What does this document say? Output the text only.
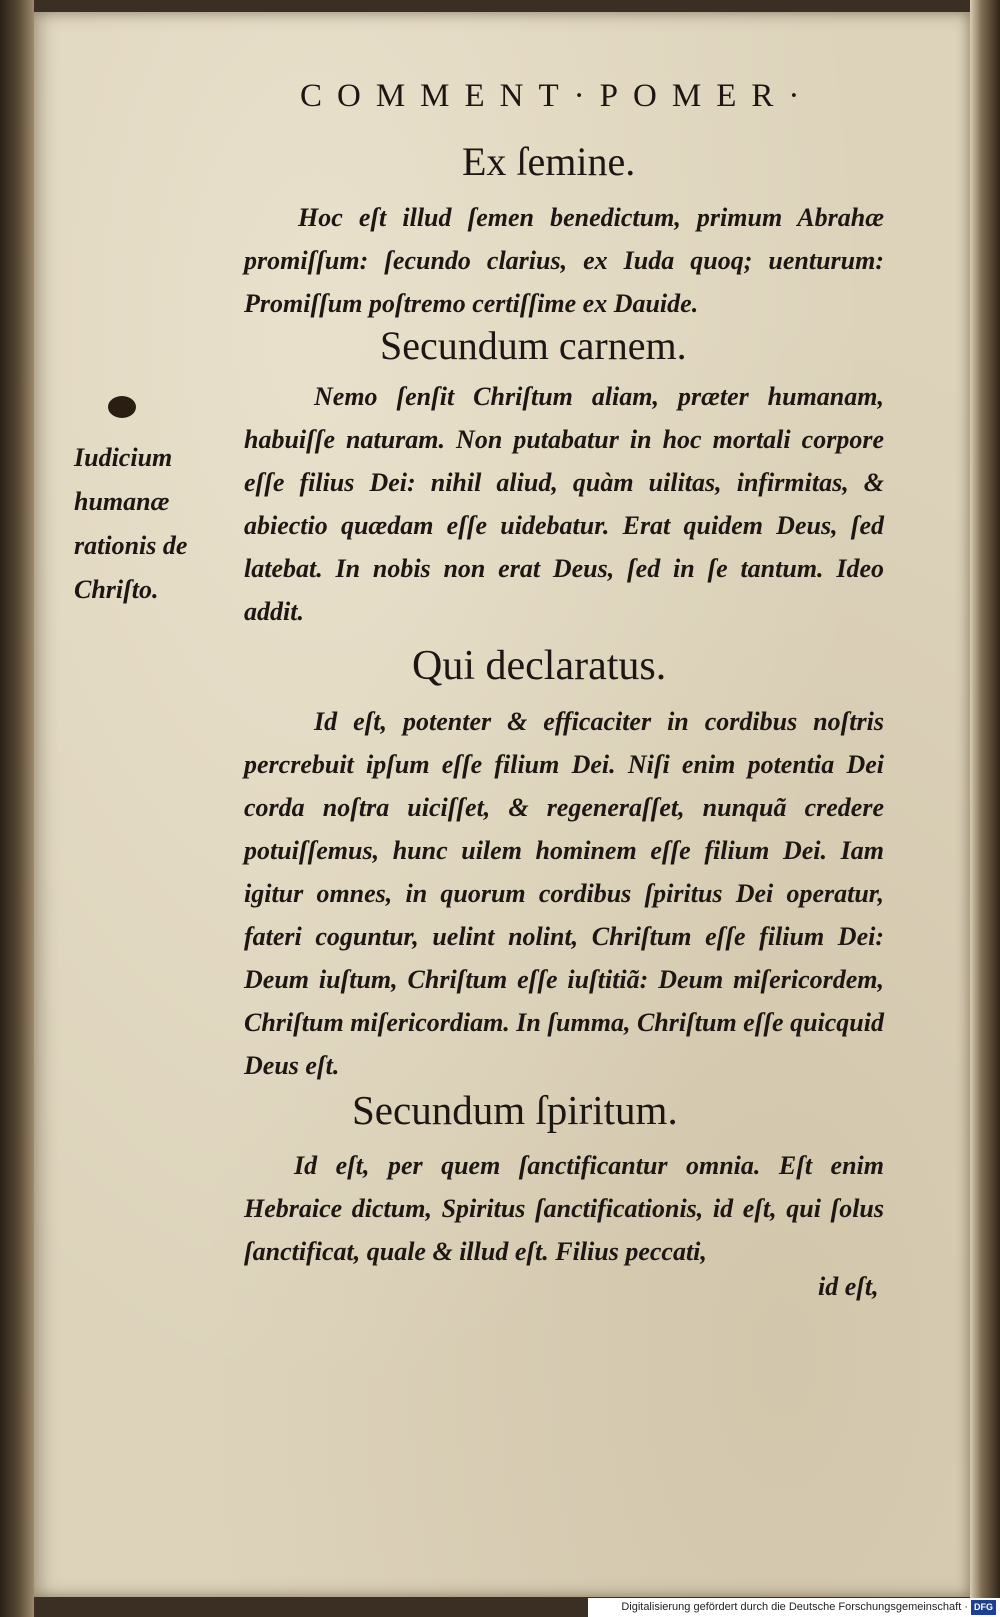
COMMENT·POMER·
Ex ſemine.
Hoc eſt illud ſemen benedictum, primum Abrahæ promiſſum: ſecundo clarius, ex Iuda quoq; uenturum: Promiſſum poſtremo certiſſime ex Dauide.
Secundum carnem.
Nemo ſenſit Chriſtum aliam, præter humanam, habuiſſe naturam. Non putabatur in hoc mortali corpore eſſe filius Dei: nihil aliud, quàm uilitas, infirmitas, & abiectio quædam eſſe uidebatur. Erat quidem Deus, ſed latebat. In nobis non erat Deus, ſed in ſe tantum. Ideo addit.
Iudicium humanæ rationis de Chriſto.
Qui declaratus.
Id eſt, potenter & efficaciter in cordibus noſtris percrebuit ipſum eſſe filium Dei. Niſi enim potentia Dei corda noſtra uiciſſet, & regeneraſſet, nunquã credere potuiſſemus, hunc uilem hominem eſſe filium Dei. Iam igitur omnes, in quorum cordibus ſpiritus Dei operatur, fateri coguntur, uelint nolint, Chriſtum eſſe filium Dei: Deum iuſtum, Chriſtum eſſe iuſtitiã: Deum miſericordem, Chriſtum miſericordiam. In ſumma, Chriſtum eſſe quicquid Deus eſt.
Secundum ſpiritum.
Id eſt, per quem ſanctificantur omnia. Eſt enim Hebraice dictum, Spiritus ſanctificationis, id eſt, qui ſolus ſanctificat, quale & illud eſt. Filius peccati,
id eſt,
Digitalisierung gefördert durch die Deutsche Forschungsgemeinschaft · DFG
